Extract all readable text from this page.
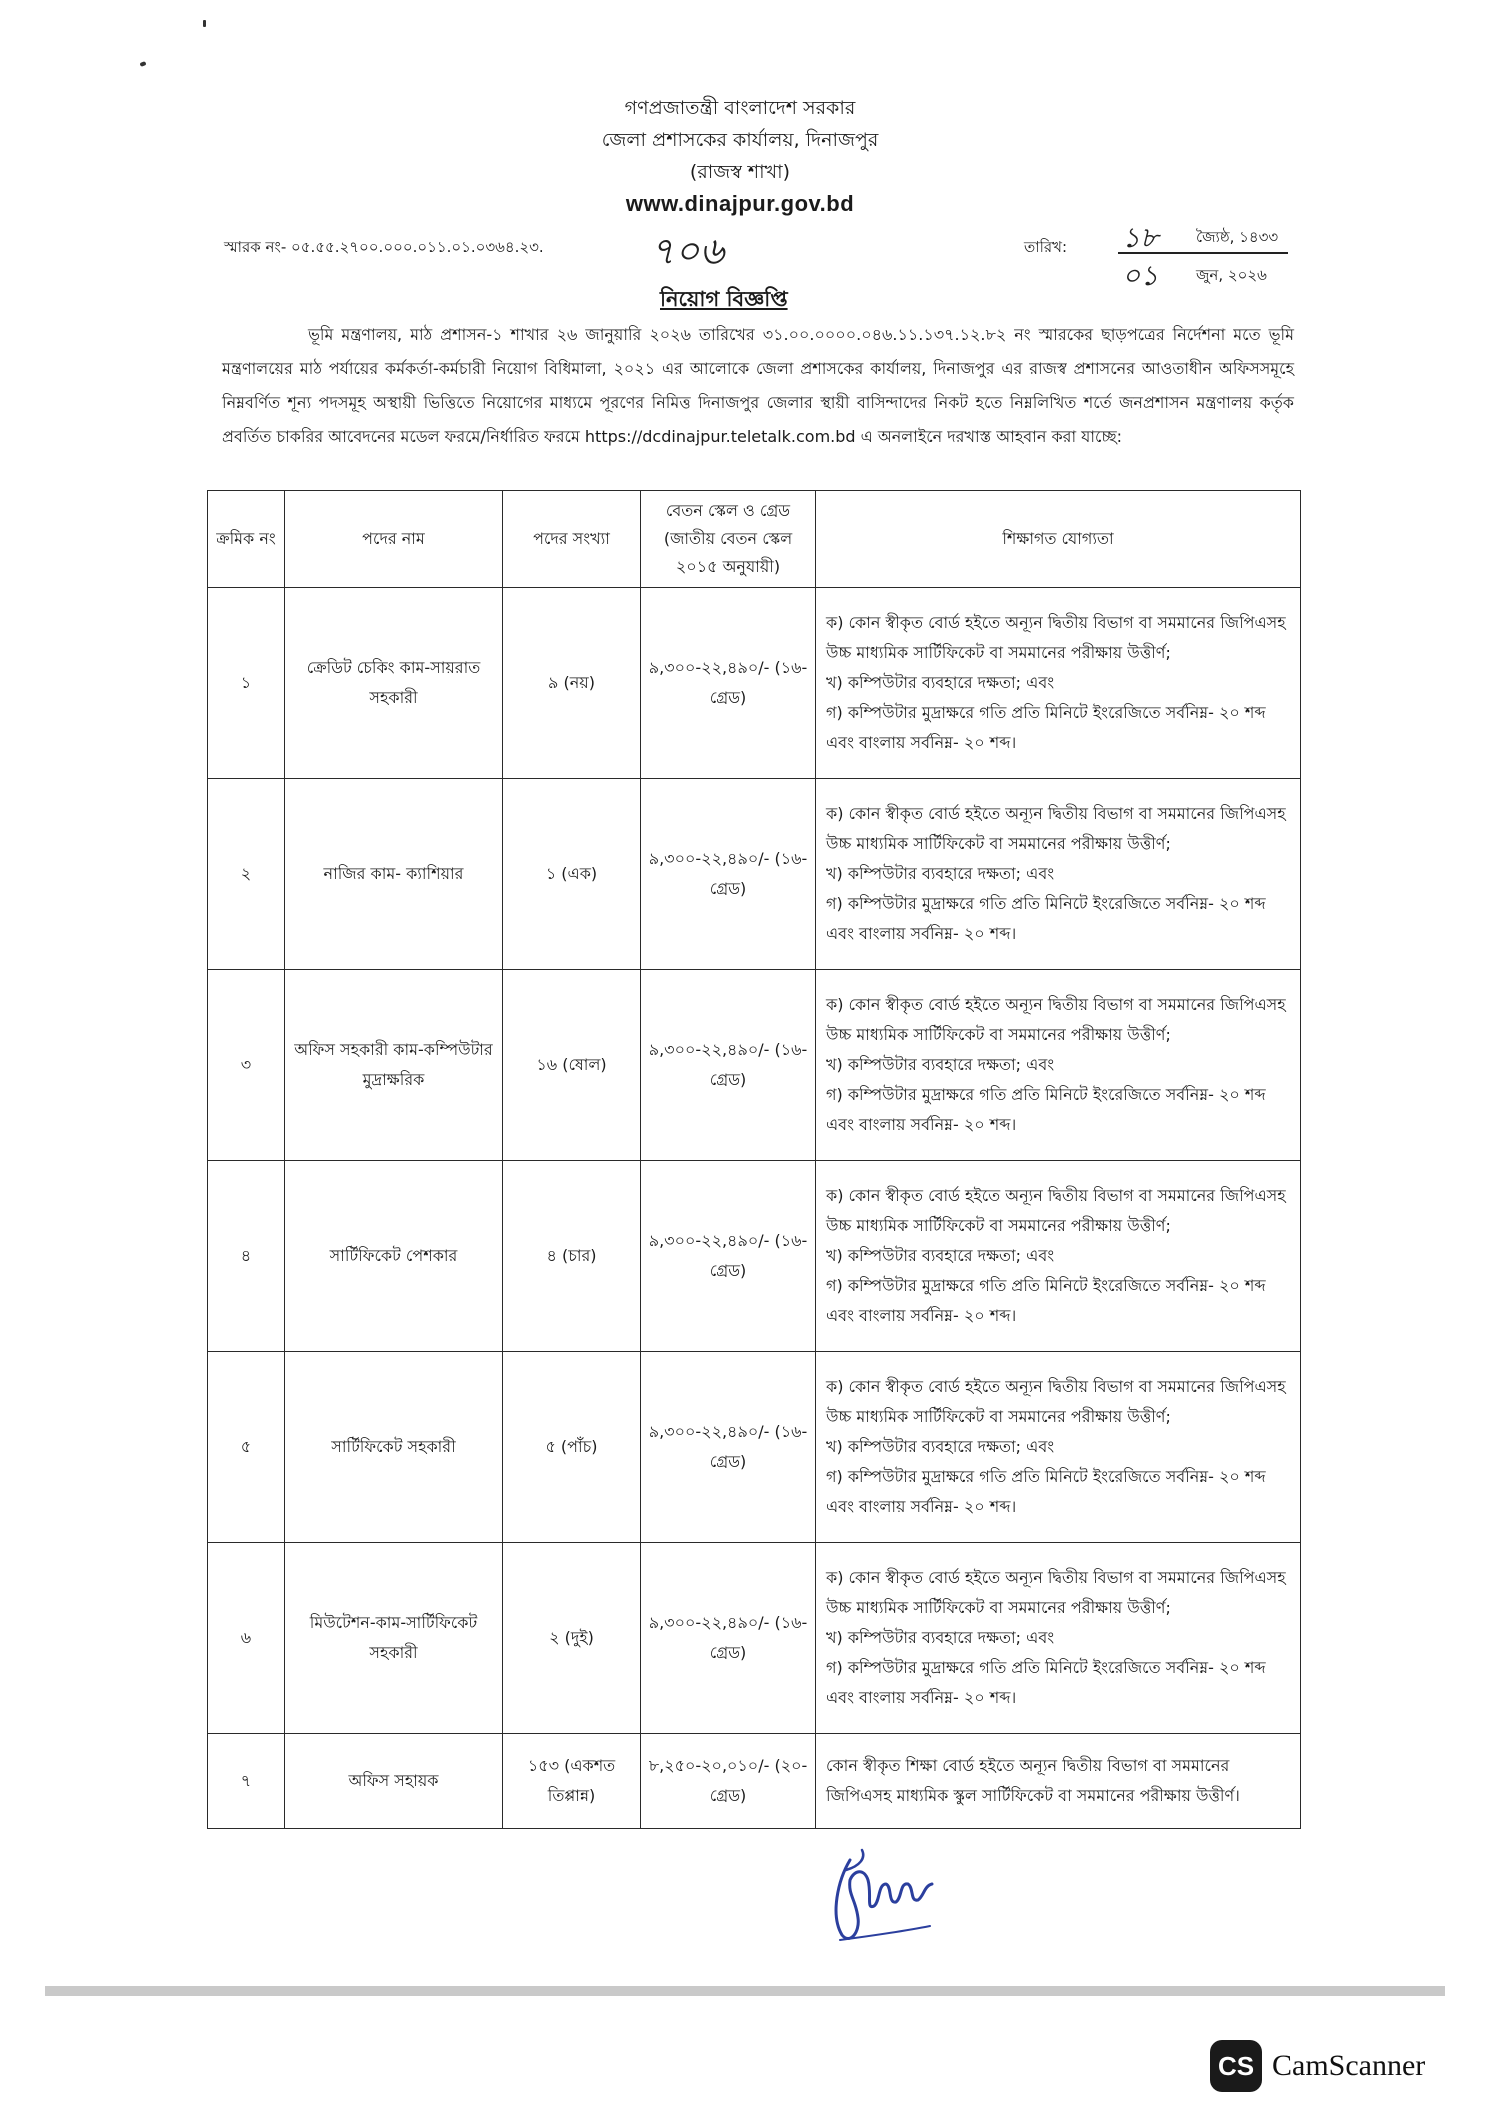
গণপ্রজাতন্ত্রী বাংলাদেশ সরকার
জেলা প্রশাসকের কার্যালয়, দিনাজপুর
(রাজস্ব শাখা)
www.dinajpur.gov.bd
স্মারক নং- ০৫.৫৫.২৭০০.০০০.০১১.০১.০৩৬৪.২৩.	৭০৬	তারিখ: ১৮	জ্যৈষ্ঠ, ১৪৩৩
০১	জুন, ২০২৬
নিয়োগ বিজ্ঞপ্তি
ভূমি মন্ত্রণালয়, মাঠ প্রশাসন-১ শাখার ২৬ জানুয়ারি ২০২৬ তারিখের ৩১.০০.০০০০.০৪৬.১১.১৩৭.১২.৮২ নং স্মারকের ছাড়পত্রের নির্দেশনা মতে ভূমি মন্ত্রণালয়ের মাঠ পর্যায়ের কর্মকর্তা-কর্মচারী নিয়োগ বিধিমালা, ২০২১ এর আলোকে জেলা প্রশাসকের কার্যালয়, দিনাজপুর এর রাজস্ব প্রশাসনের আওতাধীন অফিসসমূহে নিম্নবর্ণিত শূন্য পদসমূহ অস্থায়ী ভিত্তিতে নিয়োগের মাধ্যমে পূরণের নিমিত্ত দিনাজপুর জেলার স্থায়ী বাসিন্দাদের নিকট হতে নিম্নলিখিত শর্তে জনপ্রশাসন মন্ত্রণালয় কর্তৃক প্রবর্তিত চাকরির আবেদনের মডেল ফরমে/নির্ধারিত ফরমে https://dcdinajpur.teletalk.com.bd এ অনলাইনে দরখাস্ত আহবান করা যাচ্ছে:
ক্রমিক নং	পদের নাম	পদের সংখ্যা	বেতন স্কেল ও গ্রেড (জাতীয় বেতন স্কেল ২০১৫ অনুযায়ী)	শিক্ষাগত যোগ্যতা
১	ক্রেডিট চেকিং কাম-সায়রাত সহকারী	৯ (নয়)	৯,৩০০-২২,৪৯০/- (১৬-গ্রেড)	ক) কোন স্বীকৃত বোর্ড হইতে অন্যূন দ্বিতীয় বিভাগ বা সমমানের জিপিএসহ উচ্চ মাধ্যমিক সার্টিফিকেট বা সমমানের পরীক্ষায় উত্তীর্ণ;
খ) কম্পিউটার ব্যবহারে দক্ষতা; এবং
গ) কম্পিউটার মুদ্রাক্ষরে গতি প্রতি মিনিটে ইংরেজিতে সর্বনিম্ন- ২০ শব্দ এবং বাংলায় সর্বনিম্ন- ২০ শব্দ।

২	নাজির কাম- ক্যাশিয়ার	১ (এক)	৯,৩০০-২২,৪৯০/- (১৬-গ্রেড)	ক) কোন স্বীকৃত বোর্ড হইতে অন্যূন দ্বিতীয় বিভাগ বা সমমানের জিপিএসহ উচ্চ মাধ্যমিক সার্টিফিকেট বা সমমানের পরীক্ষায় উত্তীর্ণ;
খ) কম্পিউটার ব্যবহারে দক্ষতা; এবং
গ) কম্পিউটার মুদ্রাক্ষরে গতি প্রতি মিনিটে ইংরেজিতে সর্বনিম্ন- ২০ শব্দ এবং বাংলায় সর্বনিম্ন- ২০ শব্দ।

৩	অফিস সহকারী কাম-কম্পিউটার মুদ্রাক্ষরিক	১৬ (ষোল)	৯,৩০০-২২,৪৯০/- (১৬-গ্রেড)	ক) কোন স্বীকৃত বোর্ড হইতে অন্যূন দ্বিতীয় বিভাগ বা সমমানের জিপিএসহ উচ্চ মাধ্যমিক সার্টিফিকেট বা সমমানের পরীক্ষায় উত্তীর্ণ;
খ) কম্পিউটার ব্যবহারে দক্ষতা; এবং
গ) কম্পিউটার মুদ্রাক্ষরে গতি প্রতি মিনিটে ইংরেজিতে সর্বনিম্ন- ২০ শব্দ এবং বাংলায় সর্বনিম্ন- ২০ শব্দ।

৪	সার্টিফিকেট পেশকার	৪ (চার)	৯,৩০০-২২,৪৯০/- (১৬-গ্রেড)	ক) কোন স্বীকৃত বোর্ড হইতে অন্যূন দ্বিতীয় বিভাগ বা সমমানের জিপিএসহ উচ্চ মাধ্যমিক সার্টিফিকেট বা সমমানের পরীক্ষায় উত্তীর্ণ;
খ) কম্পিউটার ব্যবহারে দক্ষতা; এবং
গ) কম্পিউটার মুদ্রাক্ষরে গতি প্রতি মিনিটে ইংরেজিতে সর্বনিম্ন- ২০ শব্দ এবং বাংলায় সর্বনিম্ন- ২০ শব্দ।

৫	সার্টিফিকেট সহকারী	৫ (পাঁচ)	৯,৩০০-২২,৪৯০/- (১৬-গ্রেড)	ক) কোন স্বীকৃত বোর্ড হইতে অন্যূন দ্বিতীয় বিভাগ বা সমমানের জিপিএসহ উচ্চ মাধ্যমিক সার্টিফিকেট বা সমমানের পরীক্ষায় উত্তীর্ণ;
খ) কম্পিউটার ব্যবহারে দক্ষতা; এবং
গ) কম্পিউটার মুদ্রাক্ষরে গতি প্রতি মিনিটে ইংরেজিতে সর্বনিম্ন- ২০ শব্দ এবং বাংলায় সর্বনিম্ন- ২০ শব্দ।

৬	মিউটেশন-কাম-সার্টিফিকেট সহকারী	২ (দুই)	৯,৩০০-২২,৪৯০/- (১৬-গ্রেড)	ক) কোন স্বীকৃত বোর্ড হইতে অন্যূন দ্বিতীয় বিভাগ বা সমমানের জিপিএসহ উচ্চ মাধ্যমিক সার্টিফিকেট বা সমমানের পরীক্ষায় উত্তীর্ণ;
খ) কম্পিউটার ব্যবহারে দক্ষতা; এবং
গ) কম্পিউটার মুদ্রাক্ষরে গতি প্রতি মিনিটে ইংরেজিতে সর্বনিম্ন- ২০ শব্দ এবং বাংলায় সর্বনিম্ন- ২০ শব্দ।

৭	অফিস সহায়ক	১৫৩ (একশত তিপ্পান্ন)	৮,২৫০-২০,০১০/- (২০-গ্রেড)	কোন স্বীকৃত শিক্ষা বোর্ড হইতে অন্যূন দ্বিতীয় বিভাগ বা সমমানের জিপিএসহ মাধ্যমিক স্কুল সার্টিফিকেট বা সমমানের পরীক্ষায় উত্তীর্ণ।
CS CamScanner
